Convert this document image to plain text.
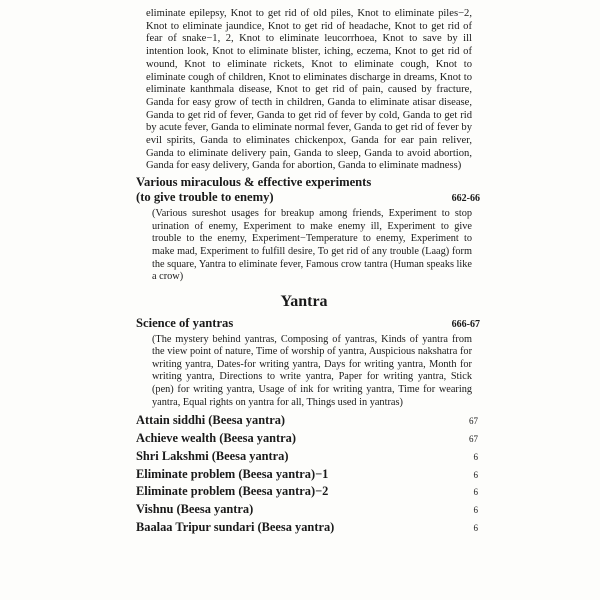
eliminate epilepsy, Knot to get rid of old piles, Knot to eliminate piles−2, Knot to eliminate jaundice, Knot to get rid of headache, Knot to get rid of fear of snake−1, 2, Knot to eliminate leucorrhoea, Knot to save by ill intention look, Knot to eliminate blister, iching, eczema, Knot to get rid of wound, Knot to eliminate rickets, Knot to eliminate cough, Knot to eliminate cough of children, Knot to eliminates discharge in dreams, Knot to eliminate kanthmala disease, Knot to get rid of pain, caused by fracture, Ganda for easy grow of tecth in children, Ganda to eliminate atisar disease, Ganda to get rid of fever, Ganda to get rid of fever by cold, Ganda to get rid by acute fever, Ganda to eliminate normal fever, Ganda to get rid of fever by evil spirits, Ganda to eliminates chickenpox, Ganda for ear pain reliver, Ganda to eliminate delivery pain, Ganda to sleep, Ganda to avoid abortion, Ganda for easy delivery, Ganda for abortion, Ganda to eliminate madness)

Various miraculous & effective experiments
(to give trouble to enemy)	662-66

(Various sureshot usages for breakup among friends, Experiment to stop urination of enemy, Experiment to make enemy ill, Experiment to give trouble to the enemy, Experiment−Temperature to enemy, Experiment to make mad, Experiment to fulfill desire, To get rid of any trouble (Laag) form the square, Yantra to eliminate fever, Famous crow tantra (Human speaks like a crow)

Yantra
Science of yantras	666-67

(The mystery behind yantras, Composing of yantras, Kinds of yantra from the view point of nature, Time of worship of yantra, Auspicious nakshatra for writing yantra, Dates-for writing yantra, Days for writing yantra, Month for writing yantra, Directions to write yantra, Paper for writing yantra, Stick (pen) for writing yantra, Usage of ink for writing yantra, Time for wearing yantra, Equal rights on yantra for all, Things used in yantras)

Attain siddhi (Beesa yantra)	67
Achieve wealth (Beesa yantra)	67
Shri Lakshmi (Beesa yantra)	6
Eliminate problem (Beesa yantra)−1	6
Eliminate problem (Beesa yantra)−2	6
Vishnu (Beesa yantra)	6
Baalaa Tripur sundari (Beesa yantra)	6
